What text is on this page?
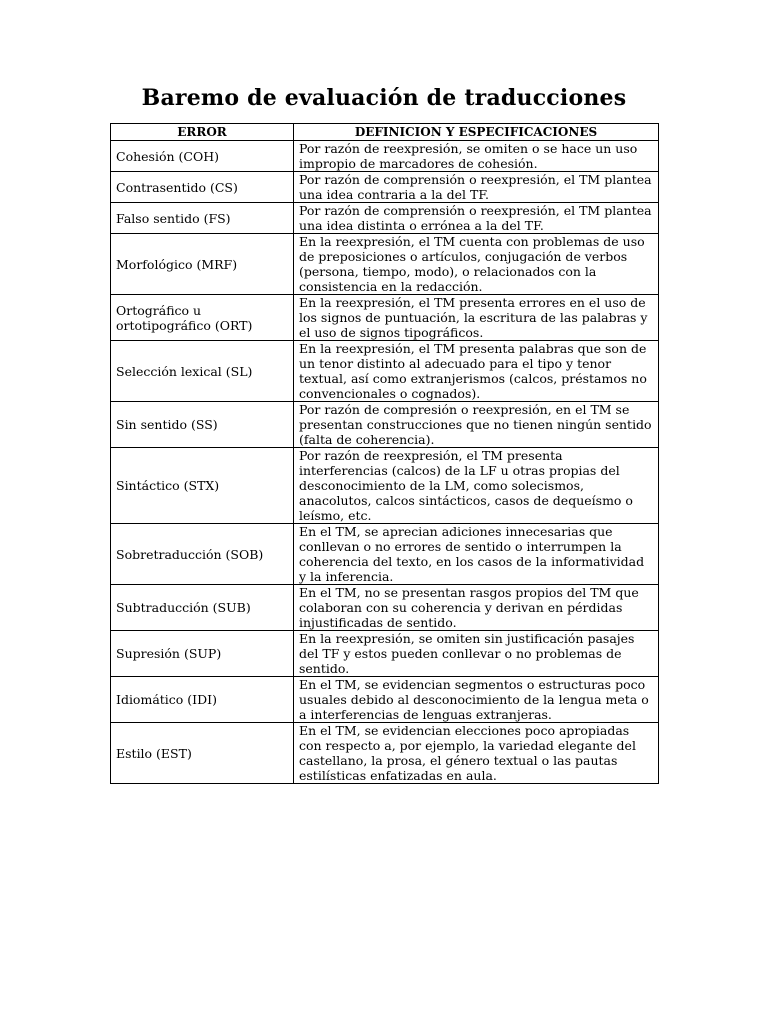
Baremo de evaluación de traducciones
ERROR	DEFINICION Y ESPECIFICACIONES
Cohesión (COH)	Por razón de reexpresión, se omiten o se hace un uso impropio de marcadores de cohesión.
Contrasentido (CS)	Por razón de comprensión o reexpresión, el TM plantea una idea contraria a la del TF.
Falso sentido (FS)	Por razón de comprensión o reexpresión, el TM plantea una idea distinta o errónea a la del TF.
Morfológico (MRF)	En la reexpresión, el TM cuenta con problemas de uso de preposiciones o artículos, conjugación de verbos (persona, tiempo, modo), o relacionados con la consistencia en la redacción.
Ortográfico u ortotipográfico (ORT)	En la reexpresión, el TM presenta errores en el uso de los signos de puntuación, la escritura de las palabras y el uso de signos tipográficos.
Selección lexical (SL)	En la reexpresión, el TM presenta palabras que son de un tenor distinto al adecuado para el tipo y tenor textual, así como extranjerismos (calcos, préstamos no convencionales o cognados).
Sin sentido (SS)	Por razón de compresión o reexpresión, en el TM se presentan construcciones que no tienen ningún sentido (falta de coherencia).
Sintáctico (STX)	Por razón de reexpresión, el TM presenta interferencias (calcos) de la LF u otras propias del desconocimiento de la LM, como solecismos, anacolutos, calcos sintácticos, casos de dequeísmo o leísmo, etc.
Sobretraducción (SOB)	En el TM, se aprecian adiciones innecesarias que conllevan o no errores de sentido o interrumpen la coherencia del texto, en los casos de la informatividad y la inferencia.
Subtraducción (SUB)	En el TM, no se presentan rasgos propios del TM que colaboran con su coherencia y derivan en pérdidas injustificadas de sentido.
Supresión (SUP)	En la reexpresión, se omiten sin justificación pasajes del TF y estos pueden conllevar o no problemas de sentido.
Idiomático (IDI)	En el TM, se evidencian segmentos o estructuras poco usuales debido al desconocimiento de la lengua meta o a interferencias de lenguas extranjeras.
Estilo (EST)	En el TM, se evidencian elecciones poco apropiadas con respecto a, por ejemplo, la variedad elegante del castellano, la prosa, el género textual o las pautas estilísticas enfatizadas en aula.
